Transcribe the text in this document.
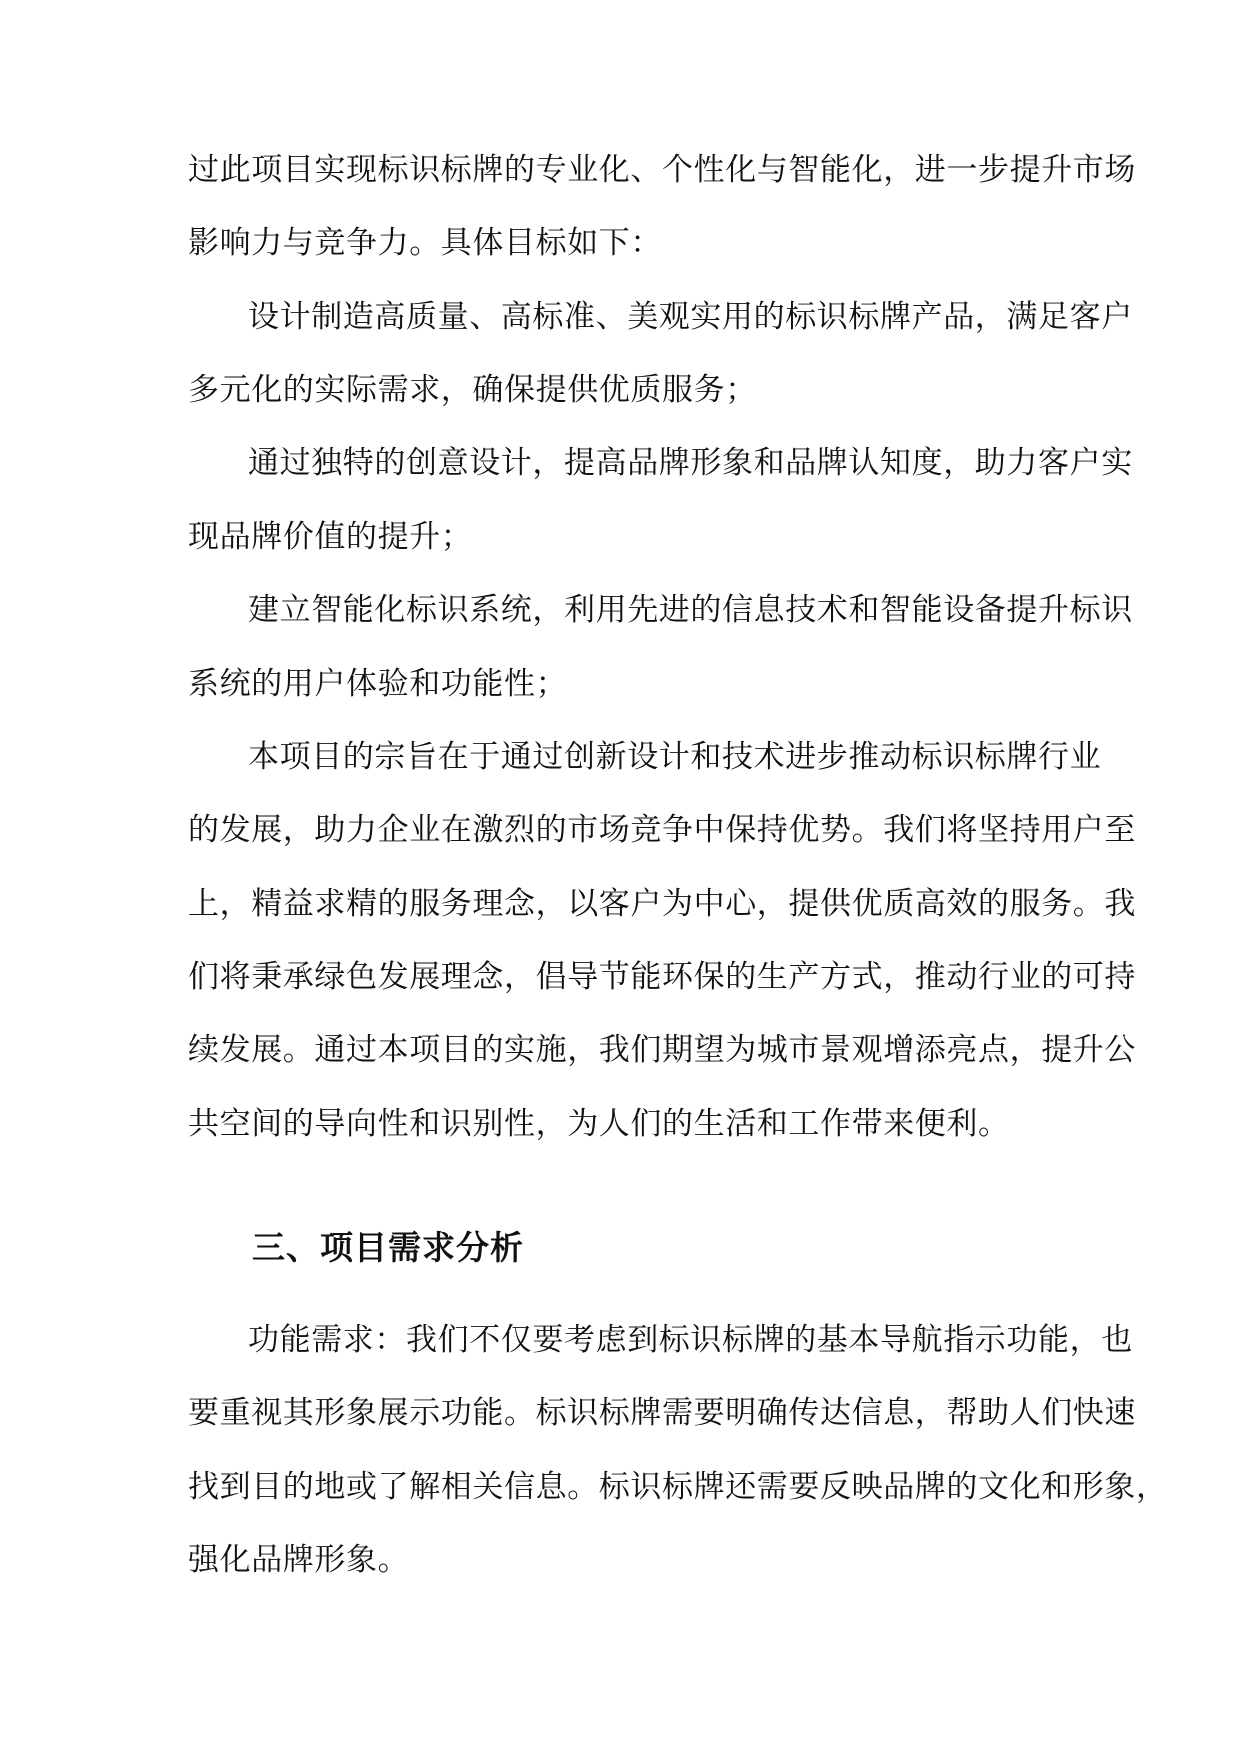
过此项目实现标识标牌的专业化、个性化与智能化，进一步提升市场
影响力与竞争力。具体目标如下：
设计制造高质量、高标准、美观实用的标识标牌产品，满足客户
多元化的实际需求，确保提供优质服务；
通过独特的创意设计，提高品牌形象和品牌认知度，助力客户实
现品牌价值的提升；
建立智能化标识系统，利用先进的信息技术和智能设备提升标识
系统的用户体验和功能性；
本项目的宗旨在于通过创新设计和技术进步推动标识标牌行业
的发展，助力企业在激烈的市场竞争中保持优势。我们将坚持用户至
上，精益求精的服务理念，以客户为中心，提供优质高效的服务。我
们将秉承绿色发展理念，倡导节能环保的生产方式，推动行业的可持
续发展。通过本项目的实施，我们期望为城市景观增添亮点，提升公
共空间的导向性和识别性，为人们的生活和工作带来便利。
三、项目需求分析
功能需求：我们不仅要考虑到标识标牌的基本导航指示功能，也
要重视其形象展示功能。标识标牌需要明确传达信息，帮助人们快速
找到目的地或了解相关信息。标识标牌还需要反映品牌的文化和形象，
强化品牌形象。
